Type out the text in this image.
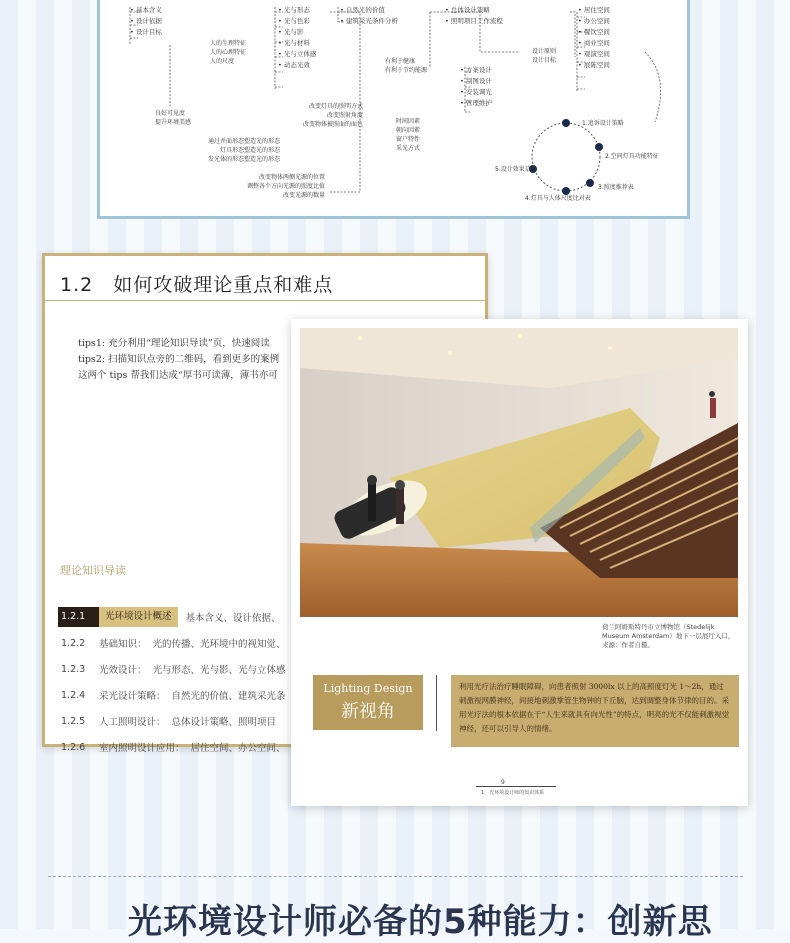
• 基本含义
• 设计依据
• 设计目标
人的生理特征
人的心理特征
人的尺度
良好可见度
提升环境美感
• 光与形态
• 光与色彩
• 光与影
• 光与材料
• 光与立体感
• 动态光效
改变灯具的照明方式
改变照射角度
改变物体被照面的面色
通过并面形态塑造光的形态
灯具形态塑造光的形态
发光体的形态塑造光的形态
改变物体两侧光源的位置
调整各个方向光源的照度比值
改变光源的数量
• 自然光的价值
• 建筑采光条件分析
有利于健康
有利于节约能源
时间因素
朝向因素
窗户特性
采光方式
• 总体设计策略
• 照明项目工作流程
• 方案设计
• 制图设计
• 安装调光
• 管理维护
设计原则
设计目标
• 居住空间
• 办公空间
• 餐饮空间
• 商业空间
• 观演空间
• 展陈空间
1.追诉设计策略
2.空间灯具功能特征
3.照度推荐表
4.灯具与人体尺度比对表
5.设计效果草绘
1.2　如何攻破理论重点和难点
tips1: 充分利用“理论知识导读”页，快速阅读
tips2: 扫描知识点旁的二维码，看到更多的案例
这两个 tips 帮我们达成“厚书可读薄，薄书亦可
理论知识导读
1.2.1	光环境设计概述	基本含义、设计依据、
1.2.2	基础知识： 光的传播、光环境中的视知觉、
1.2.3	光效设计： 光与形态、光与影、光与立体感
1.2.4	采光设计策略： 自然光的价值、建筑采光条
1.2.5	人工照明设计： 总体设计策略、照明项目
1.2.6	室内照明设计应用： 居住空间、办公空间、
荷兰阿姆斯特丹市立博物馆（Stedelijk Museum Amsterdam）地下一层展厅入口，来源：作者自摄。
Lighting Design
新视角
利用光疗法治疗睡眠障碍，向患者照射 3000lx 以上的高照度灯光 1～2h，通过刺激视网膜神经，间接地刺激掌管生物钟的下丘脑，达到调整身体节律的目的。采用光疗法的根本依据在于“人生来就具有向光性”的特点，明亮的光不仅能刺激视觉神经，还可以引导人的情绪。
9
1　光环境设计师的知识体系
光环境设计师必备的5种能力：创新思
